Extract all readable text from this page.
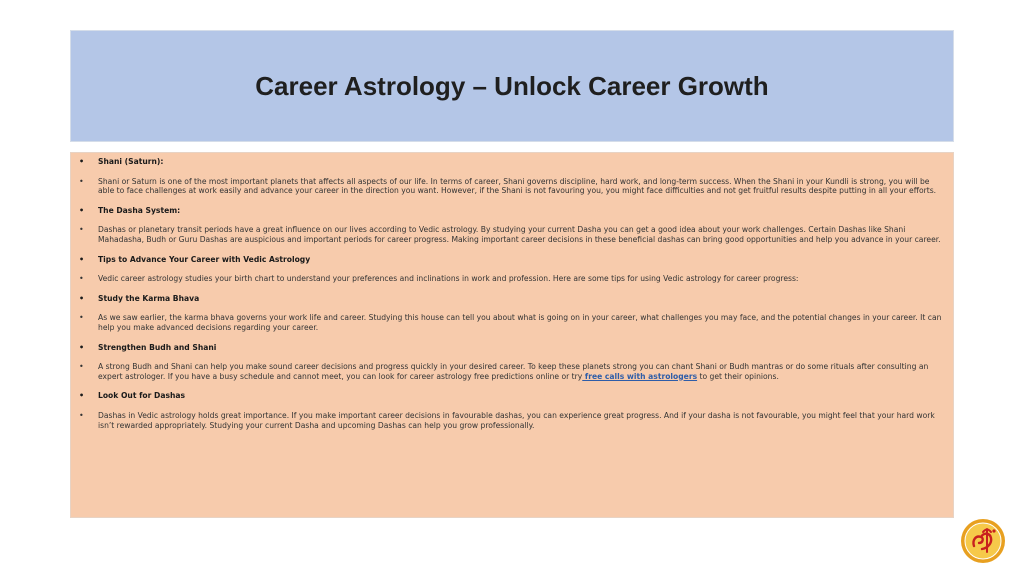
Career Astrology – Unlock Career Growth
• Shani (Saturn):
• Shani or Saturn is one of the most important planets that affects all aspects of our life. In terms of career, Shani governs discipline, hard work, and long-term success. When the Shani in your Kundli is strong, you will be able to face challenges at work easily and advance your career in the direction you want. However, if the Shani is not favouring you, you might face difficulties and not get fruitful results despite putting in all your efforts.
• The Dasha System:
• Dashas or planetary transit periods have a great influence on our lives according to Vedic astrology. By studying your current Dasha you can get a good idea about your work challenges. Certain Dashas like Shani Mahadasha, Budh or Guru Dashas are auspicious and important periods for career progress. Making important career decisions in these beneficial dashas can bring good opportunities and help you advance in your career.
• Tips to Advance Your Career with Vedic Astrology
• Vedic career astrology studies your birth chart to understand your preferences and inclinations in work and profession. Here are some tips for using Vedic astrology for career progress:
• Study the Karma Bhava
• As we saw earlier, the karma bhava governs your work life and career. Studying this house can tell you about what is going on in your career, what challenges you may face, and the potential changes in your career. It can help you make advanced decisions regarding your career.
• Strengthen Budh and Shani
• A strong Budh and Shani can help you make sound career decisions and progress quickly in your desired career. To keep these planets strong you can chant Shani or Budh mantras or do some rituals after consulting an expert astrologer. If you have a busy schedule and cannot meet, you can look for career astrology free predictions online or try free calls with astrologers to get their opinions.
• Look Out for Dashas
• Dashas in Vedic astrology holds great importance. If you make important career decisions in favourable dashas, you can experience great progress. And if your dasha is not favourable, you might feel that your hard work isn’t rewarded appropriately. Studying your current Dasha and upcoming Dashas can help you grow professionally.
